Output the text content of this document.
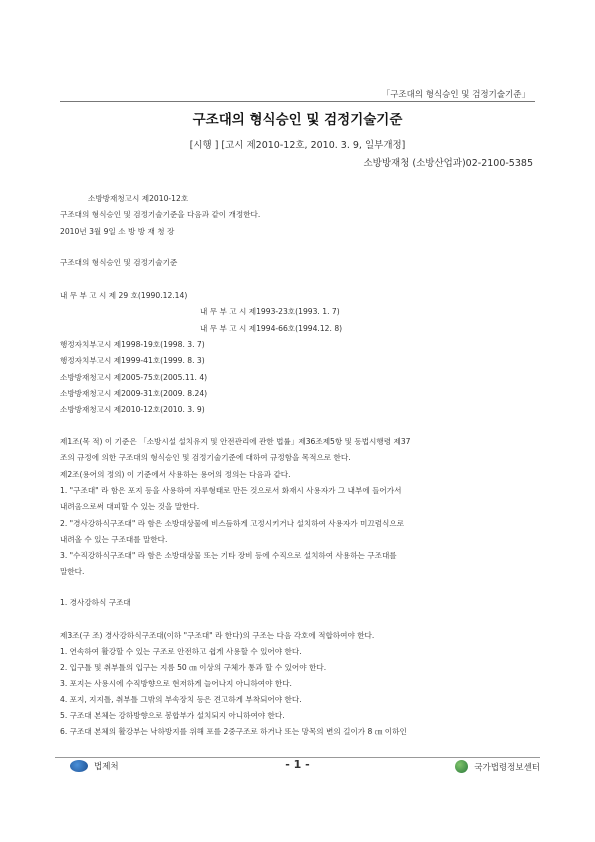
「구조대의 형식승인 및 검정기술기준」
구조대의 형식승인 및 검정기술기준
[시행 ] [고시 제2010-12호, 2010. 3. 9, 일부개정]
소방방재청 (소방산업과)02-2100-5385
소방방재청고시 제2010-12호
구조대의 형식승인 및 검정기술기준을 다음과 같이 개정한다.
2010년 3월 9일 소 방 방 재 청 장
구조대의 형식승인 및 검정기술기준
내 무 부 고 시 제 29 호(1990.12.14)
내 무 부 고 시 제1993-23호(1993. 1. 7)
내 무 부 고 시 제1994-66호(1994.12. 8)
행정자치부고시 제1998-19호(1998. 3. 7)
행정자치부고시 제1999-41호(1999. 8. 3)
소방방재청고시 제2005-75호(2005.11. 4)
소방방재청고시 제2009-31호(2009. 8.24)
소방방재청고시 제2010-12호(2010. 3. 9)
제1조(목 적) 이 기준은 「소방시설 설치유지 및 안전관리에 관한 법률」제36조제5항 및 동법시행령 제37
조의 규정에 의한 구조대의 형식승인 및 검정기술기준에 대하여 규정함을 목적으로 한다.
제2조(용어의 정의) 이 기준에서 사용하는 용어의 정의는 다음과 같다.
1. "구조대" 라 함은 포지 등을 사용하여 자루형태로 만든 것으로서 화재시 사용자가 그 내부에 들어가서
내려옴으로써 대피할 수 있는 것을 말한다.
2. "경사강하식구조대" 라 함은 소방대상물에 비스듬하게 고정시키거나 설치하여 사용자가 미끄럼식으로
내려올 수 있는 구조대를 말한다.
3. "수직강하식구조대" 라 함은 소방대상물 또는 기타 장비 등에 수직으로 설치하여 사용하는 구조대를
말한다.
1. 경사강하식 구조대
제3조(구 조) 경사강하식구조대(이하 "구조대" 라 한다)의 구조는 다음 각호에 적합하여야 한다.
1. 연속하여 활강할 수 있는 구조로 안전하고 쉽게 사용할 수 있어야 한다.
2. 입구틀 및 취부틀의 입구는 지름 50 ㎝ 이상의 구체가 통과 할 수 있어야 한다.
3. 포지는 사용시에 수직방향으로 현저하게 늘어나지 아니하여야 한다.
4. 포지, 지지틀, 취부틀 그밖의 부속장치 등은 견고하게 부착되어야 한다.
5. 구조대 본체는 강하방향으로 봉합부가 설치되지 아니하여야 한다.
6. 구조대 본체의 활강부는 낙하방지를 위해 포를 2중구조로 하거나 또는 망목의 변의 길이가 8 ㎝ 이하인
법제처	- 1 -	국가법령정보센터
